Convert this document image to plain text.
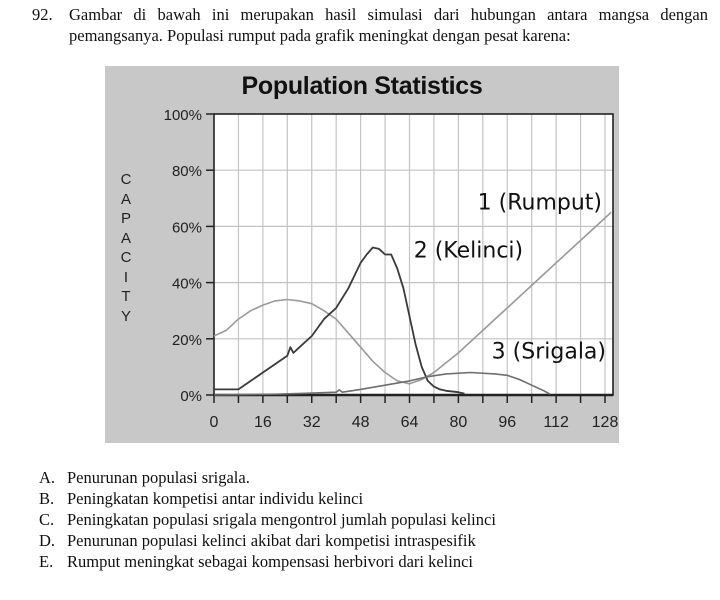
92. Gambar di bawah ini merupakan hasil simulasi dari hubungan antara mangsa dengan
pemangsanya. Populasi rumput pada grafik meningkat dengan pesat karena:
0%
20%
40%
60%
80%
100%
0 16 32 48 64 80 96 112 128
1 (Rumput)
2 (Kelinci)
3 (Srigala)
Population Statistics
C
A
P
A
C
I
T
Y
A. Penurunan populasi srigala.
B. Peningkatan kompetisi antar individu kelinci
C. Peningkatan populasi srigala mengontrol jumlah populasi kelinci
D. Penurunan populasi kelinci akibat dari kompetisi intraspesifik
E. Rumput meningkat sebagai kompensasi herbivori dari kelinci
